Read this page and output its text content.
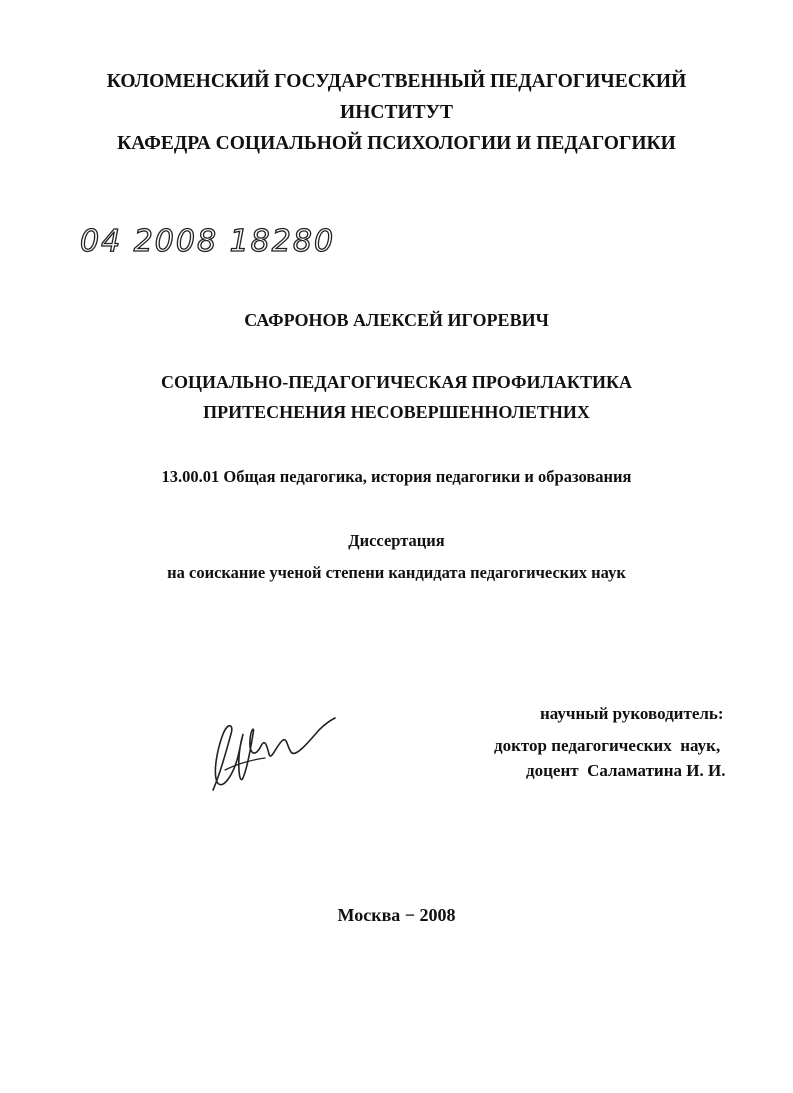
КОЛОМЕНСКИЙ ГОСУДАРСТВЕННЫЙ ПЕДАГОГИЧЕСКИЙ
ИНСТИТУТ
КАФЕДРА СОЦИАЛЬНОЙ ПСИХОЛОГИИ И ПЕДАГОГИКИ
04 2008 18280
САФРОНОВ АЛЕКСЕЙ ИГОРЕВИЧ
СОЦИАЛЬНО-ПЕДАГОГИЧЕСКАЯ ПРОФИЛАКТИКА
ПРИТЕСНЕНИЯ НЕСОВЕРШЕННОЛЕТНИХ
13.00.01 Общая педагогика, история педагогики и образования
Диссертация
на соискание ученой степени кандидата педагогических наук
научный руководитель:
доктор педагогических  наук,
доцент  Саламатина И. И.
Москва − 2008
